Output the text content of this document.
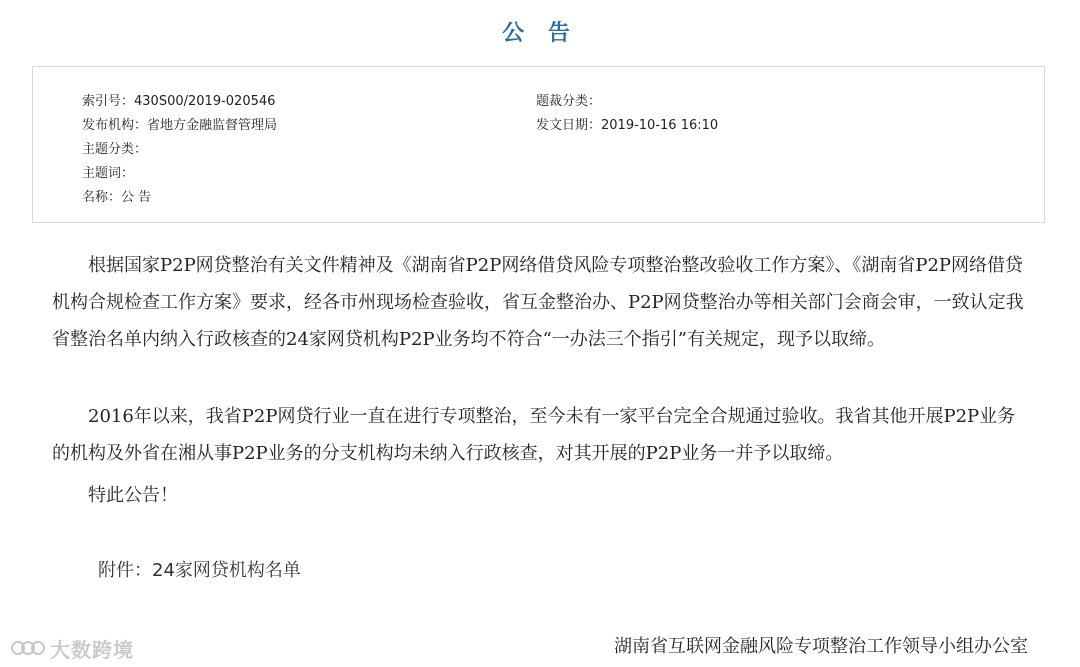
公 告
索引号：430S00/2019-020546	题裁分类：
发布机构：省地方金融监督管理局	发文日期：2019-10-16 16:10
主题分类：
主题词：
名称：公 告
根据国家P2P网贷整治有关文件精神及《湖南省P2P网络借贷风险专项整治整改验收工作方案》、《湖南省P2P网络借贷机构合规检查工作方案》要求，经各市州现场检查验收，省互金整治办、P2P网贷整治办等相关部门会商会审，一致认定我省整治名单内纳入行政核查的24家网贷机构P2P业务均不符合“一办法三个指引”有关规定，现予以取缔。
2016年以来，我省P2P网贷行业一直在进行专项整治，至今未有一家平台完全合规通过验收。我省其他开展P2P业务的机构及外省在湘从事P2P业务的分支机构均未纳入行政核查，对其开展的P2P业务一并予以取缔。
特此公告！
附件：24家网贷机构名单
湖南省互联网金融风险专项整治工作领导小组办公室
大数跨境
